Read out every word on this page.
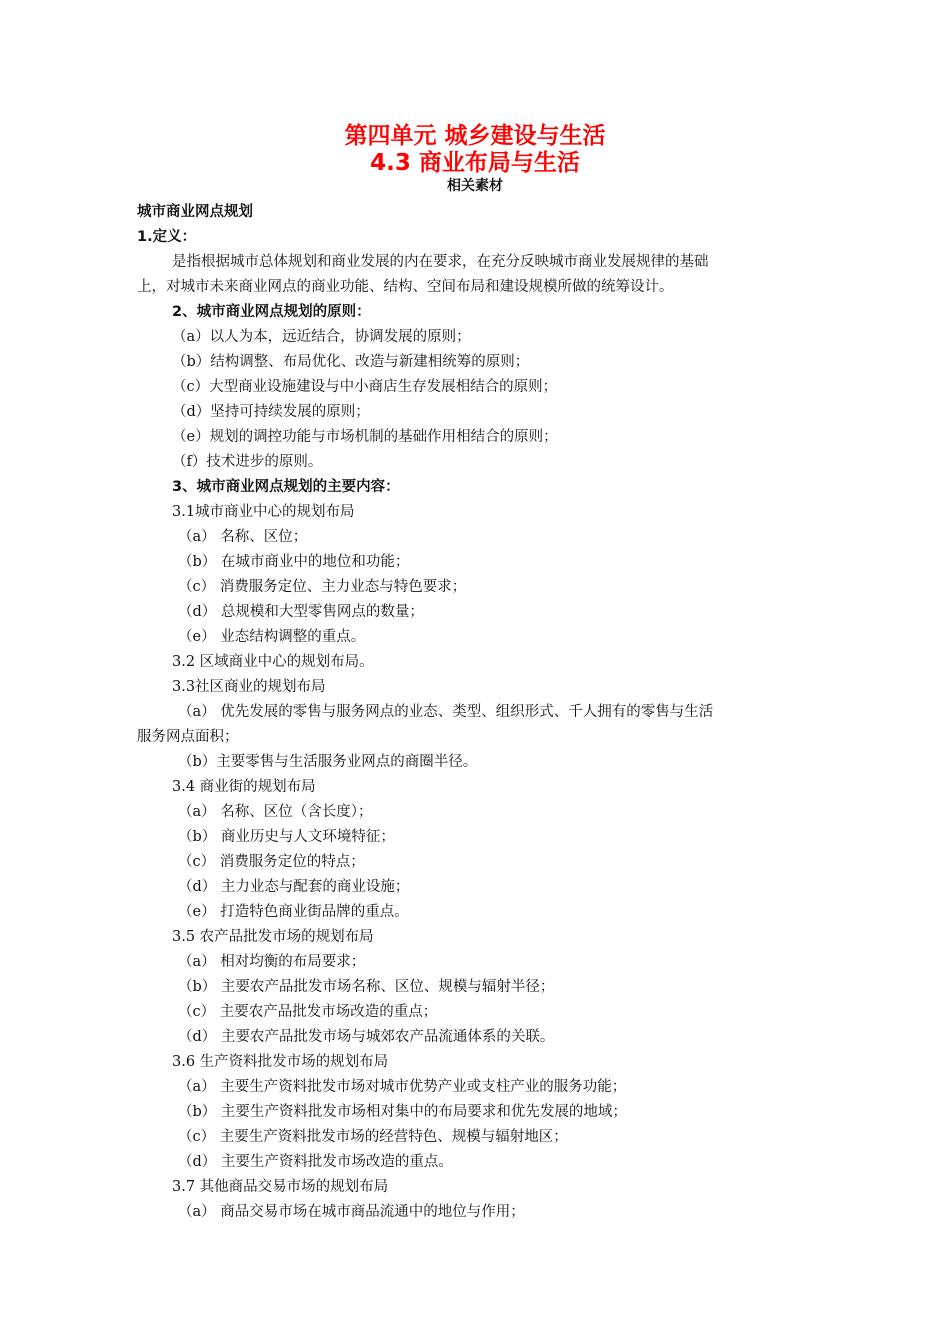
第四单元 城乡建设与生活
4.3 商业布局与生活
相关素材
城市商业网点规划
1.定义：
是指根据城市总体规划和商业发展的内在要求，在充分反映城市商业发展规律的基础
上，对城市未来商业网点的商业功能、结构、空间布局和建设规模所做的统筹设计。
2、城市商业网点规划的原则：
（a）以人为本，远近结合，协调发展的原则；
（b）结构调整、布局优化、改造与新建相统筹的原则；
（c）大型商业设施建设与中小商店生存发展相结合的原则；
（d）坚持可持续发展的原则；
（e）规划的调控功能与市场机制的基础作用相结合的原则；
（f）技术进步的原则。
3、城市商业网点规划的主要内容：
3.1城市商业中心的规划布局
（a） 名称、区位；
（b） 在城市商业中的地位和功能；
（c） 消费服务定位、主力业态与特色要求；
（d） 总规模和大型零售网点的数量；
（e） 业态结构调整的重点。
3.2 区域商业中心的规划布局。
3.3社区商业的规划布局
（a） 优先发展的零售与服务网点的业态、类型、组织形式、千人拥有的零售与生活
服务网点面积；
（b）主要零售与生活服务业网点的商圈半径。
3.4 商业街的规划布局
（a） 名称、区位（含长度）；
（b） 商业历史与人文环境特征；
（c） 消费服务定位的特点；
（d） 主力业态与配套的商业设施；
（e） 打造特色商业街品牌的重点。
3.5 农产品批发市场的规划布局
（a） 相对均衡的布局要求；
（b） 主要农产品批发市场名称、区位、规模与辐射半径；
（c） 主要农产品批发市场改造的重点；
（d） 主要农产品批发市场与城郊农产品流通体系的关联。
3.6 生产资料批发市场的规划布局
（a） 主要生产资料批发市场对城市优势产业或支柱产业的服务功能；
（b） 主要生产资料批发市场相对集中的布局要求和优先发展的地域；
（c） 主要生产资料批发市场的经营特色、规模与辐射地区；
（d） 主要生产资料批发市场改造的重点。
3.7 其他商品交易市场的规划布局
（a） 商品交易市场在城市商品流通中的地位与作用；
